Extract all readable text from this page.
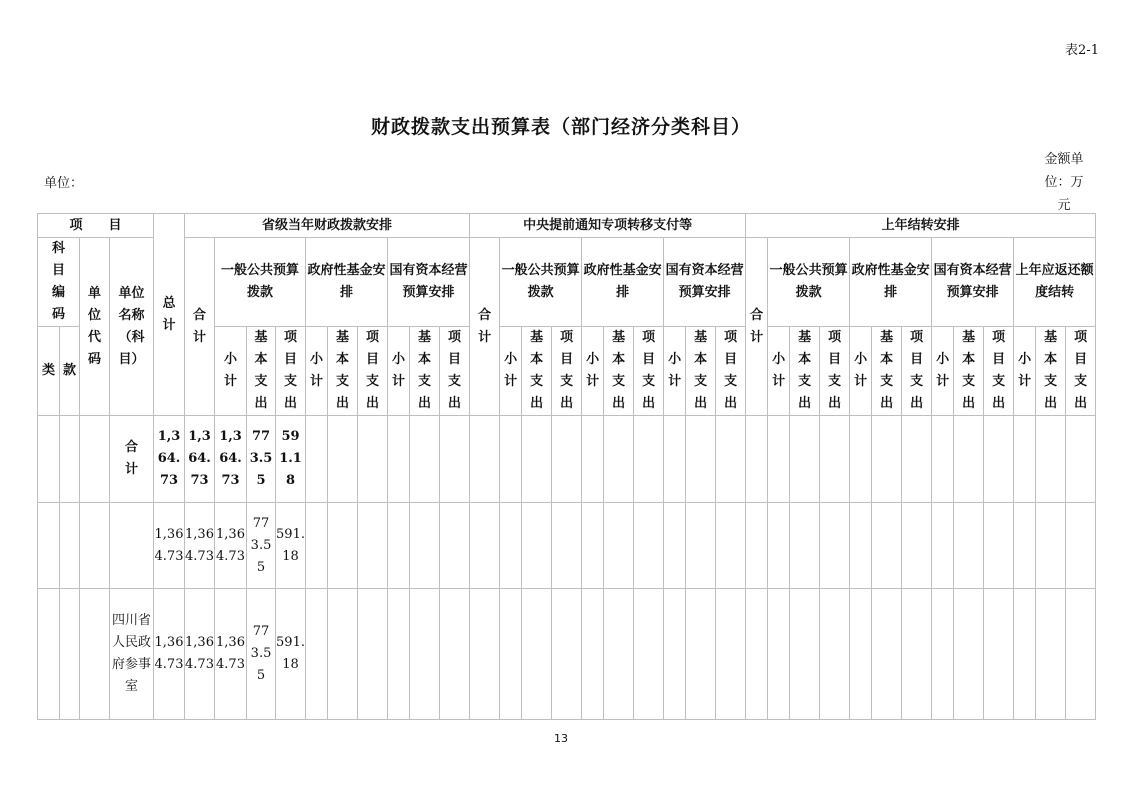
表2-1
财政拨款支出预算表（部门经济分类科目）
单位：
金额单位：万元
项　　目				总计	省级当年财政拨款安排										中央提前通知专项转移支付等										上年结转安排													

科目编码		单位代码	单位名称（科目）		合计	一般公共预算拨款			政府性基金安排			国有资本经营预算安排			合计	一般公共预算拨款			政府性基金安排			国有资本经营预算安排			合计	一般公共预算拨款			政府性基金安排			国有资本经营预算安排			上年应返还额度结转			

类	款					小计	基本支出	项目支出	小计	基本支出	项目支出	小计	基本支出	项目支出		小计	基本支出	项目支出	小计	基本支出	项目支出	小计	基本支出	项目支出		小计	基本支出	项目支出	小计	基本支出	项目支出	小计	基本支出	项目支出	小计	基本支出	项目支出

			合计	1,364.73	1,364.73	1,364.73	773.55	591.18																														
				1,364.73	1,364.73	1,364.73	773.55	591.18																														
			四川省人民政府参事室	1,364.73	1,364.73	1,364.73	773.55	591.18																														
13
